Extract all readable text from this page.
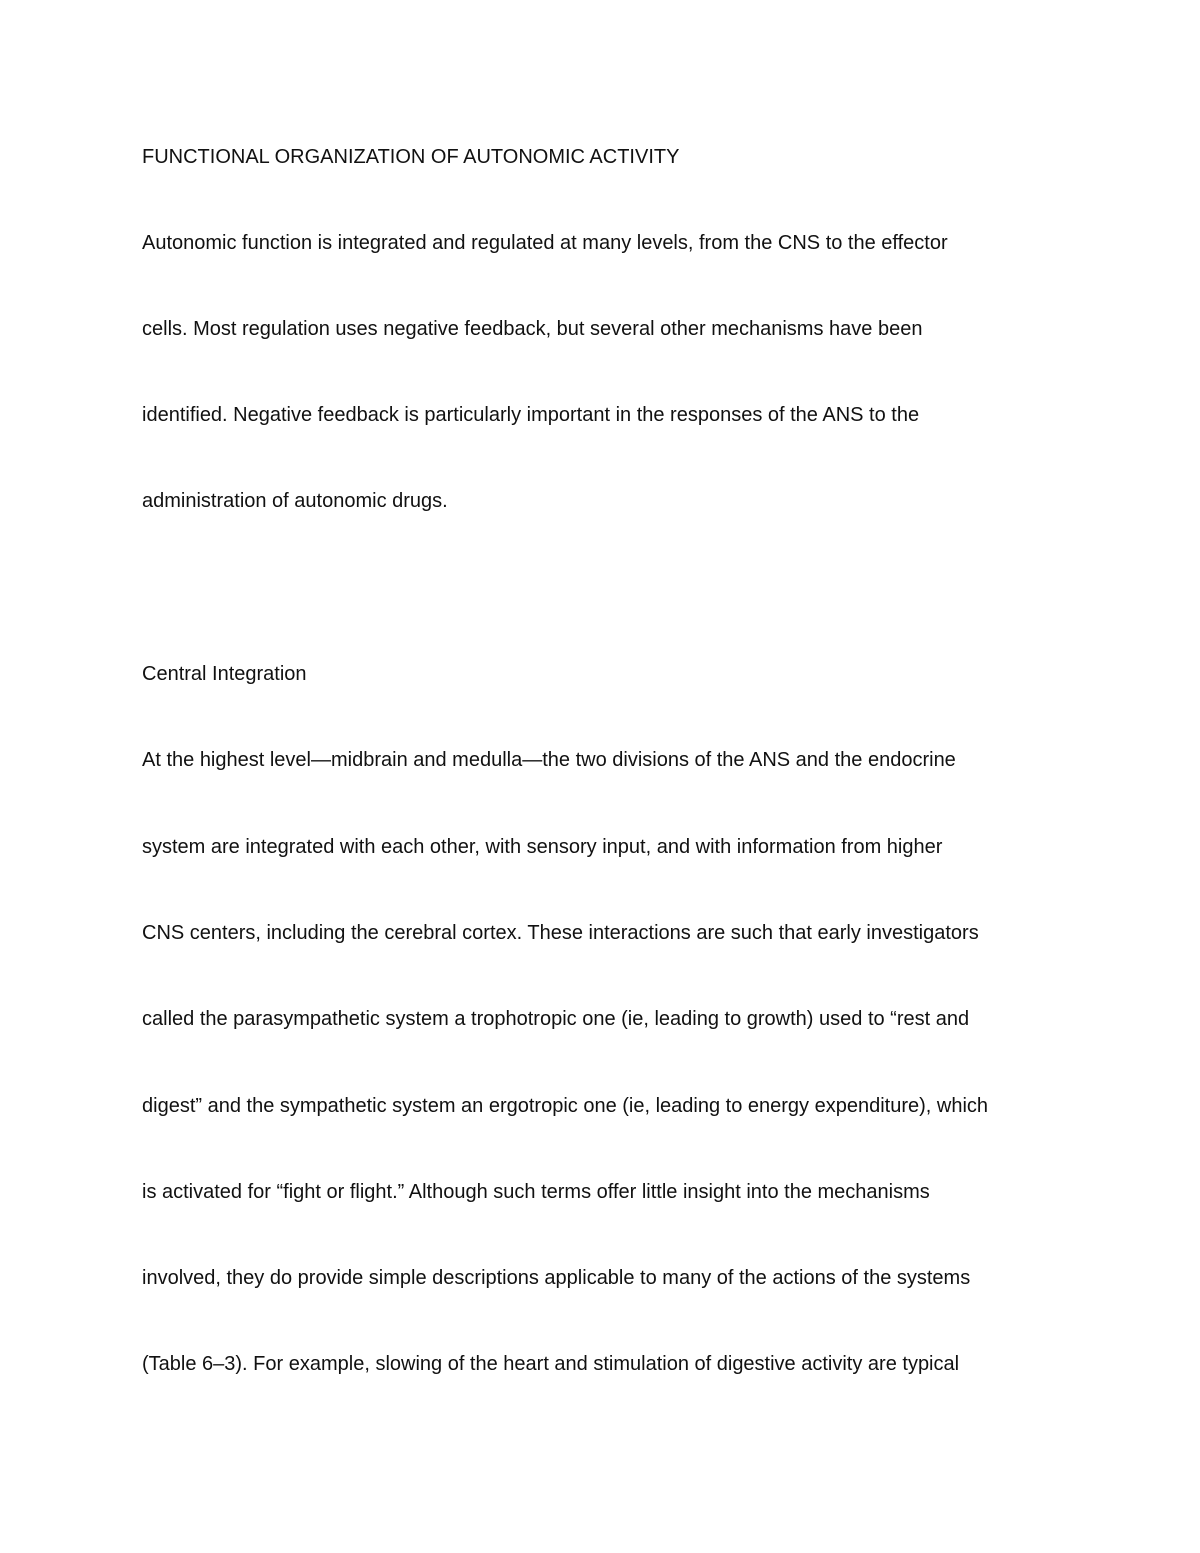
FUNCTIONAL ORGANIZATION OF AUTONOMIC ACTIVITY

Autonomic function is integrated and regulated at many levels, from the CNS to the effector

cells. Most regulation uses negative feedback, but several other mechanisms have been

identified. Negative feedback is particularly important in the responses of the ANS to the

administration of autonomic drugs.

Central Integration

At the highest level—midbrain and medulla—the two divisions of the ANS and the endocrine

system are integrated with each other, with sensory input, and with information from higher

CNS centers, including the cerebral cortex. These interactions are such that early investigators

called the parasympathetic system a trophotropic one (ie, leading to growth) used to “rest and

digest” and the sympathetic system an ergotropic one (ie, leading to energy expenditure), which

is activated for “fight or flight.” Although such terms offer little insight into the mechanisms

involved, they do provide simple descriptions applicable to many of the actions of the systems

(Table 6–3). For example, slowing of the heart and stimulation of digestive activity are typical
